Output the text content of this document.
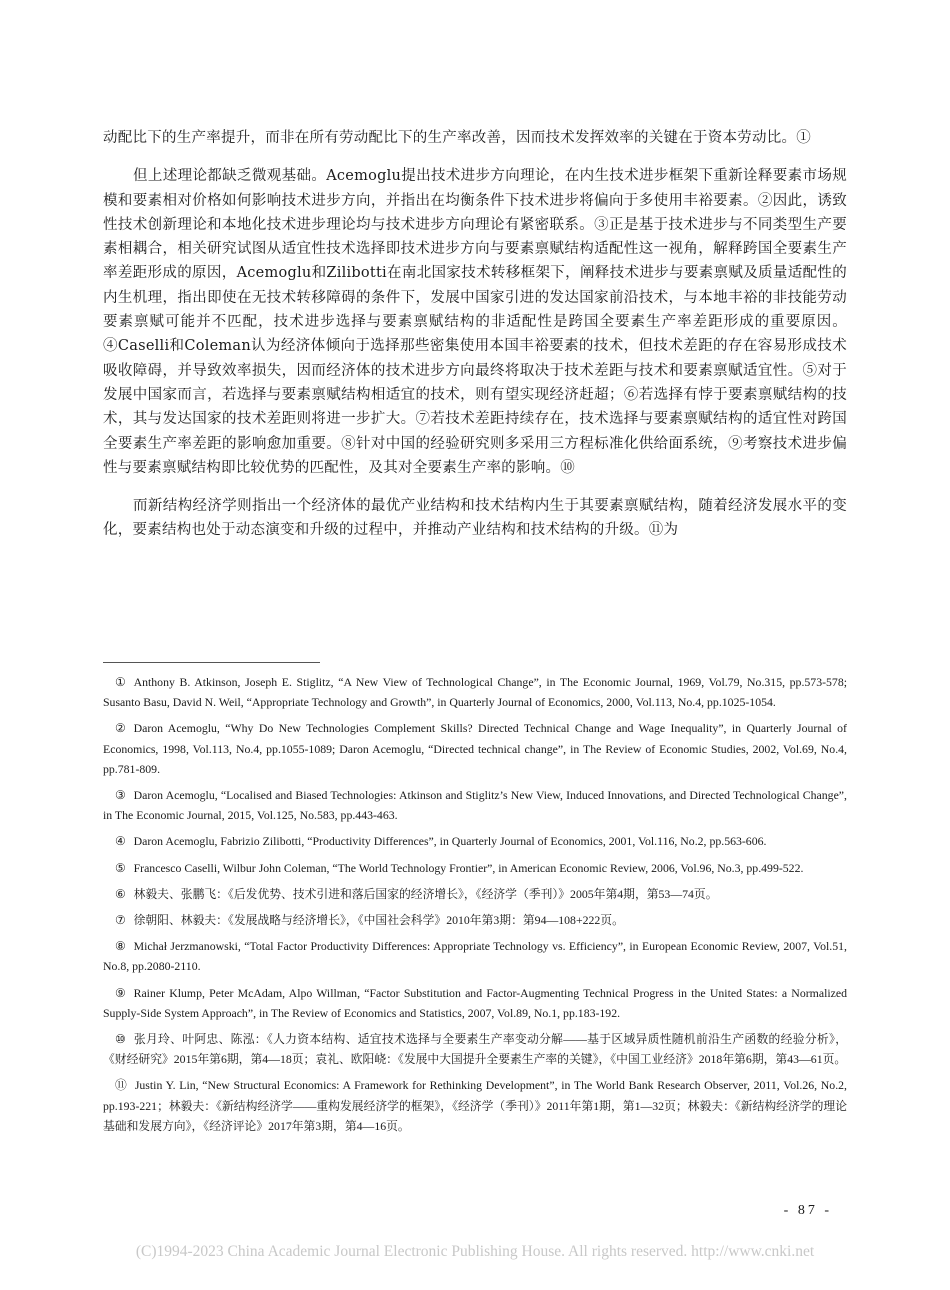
动配比下的生产率提升，而非在所有劳动配比下的生产率改善，因而技术发挥效率的关键在于资本劳动比。①

但上述理论都缺乏微观基础。Acemoglu提出技术进步方向理论，在内生技术进步框架下重新诠释要素市场规模和要素相对价格如何影响技术进步方向，并指出在均衡条件下技术进步将偏向于多使用丰裕要素。②因此，诱致性技术创新理论和本地化技术进步理论均与技术进步方向理论有紧密联系。③正是基于技术进步与不同类型生产要素相耦合，相关研究试图从适宜性技术选择即技术进步方向与要素禀赋结构适配性这一视角，解释跨国全要素生产率差距形成的原因，Acemoglu和Zilibotti在南北国家技术转移框架下，阐释技术进步与要素禀赋及质量适配性的内生机理，指出即使在无技术转移障碍的条件下，发展中国家引进的发达国家前沿技术，与本地丰裕的非技能劳动要素禀赋可能并不匹配，技术进步选择与要素禀赋结构的非适配性是跨国全要素生产率差距形成的重要原因。④Caselli和Coleman认为经济体倾向于选择那些密集使用本国丰裕要素的技术，但技术差距的存在容易形成技术吸收障碍，并导致效率损失，因而经济体的技术进步方向最终将取决于技术差距与技术和要素禀赋适宜性。⑤对于发展中国家而言，若选择与要素禀赋结构相适宜的技术，则有望实现经济赶超；⑥若选择有悖于要素禀赋结构的技术，其与发达国家的技术差距则将进一步扩大。⑦若技术差距持续存在，技术选择与要素禀赋结构的适宜性对跨国全要素生产率差距的影响愈加重要。⑧针对中国的经验研究则多采用三方程标准化供给面系统，⑨考察技术进步偏性与要素禀赋结构即比较优势的匹配性，及其对全要素生产率的影响。⑩

而新结构经济学则指出一个经济体的最优产业结构和技术结构内生于其要素禀赋结构，随着经济发展水平的变化，要素结构也处于动态演变和升级的过程中，并推动产业结构和技术结构的升级。⑪为

① Anthony B. Atkinson, Joseph E. Stiglitz, “A New View of Technological Change”, in The Economic Journal, 1969, Vol.79, No.315, pp.573-578; Susanto Basu, David N. Weil, “Appropriate Technology and Growth”, in Quarterly Journal of Economics, 2000, Vol.113, No.4, pp.1025-1054.

② Daron Acemoglu, “Why Do New Technologies Complement Skills? Directed Technical Change and Wage Inequality”, in Quarterly Journal of Economics, 1998, Vol.113, No.4, pp.1055-1089; Daron Acemoglu, “Directed technical change”, in The Review of Economic Studies, 2002, Vol.69, No.4, pp.781-809.

③ Daron Acemoglu, “Localised and Biased Technologies: Atkinson and Stiglitz’s New View, Induced Innovations, and Directed Technological Change”, in The Economic Journal, 2015, Vol.125, No.583, pp.443-463.

④ Daron Acemoglu, Fabrizio Zilibotti, “Productivity Differences”, in Quarterly Journal of Economics, 2001, Vol.116, No.2, pp.563-606.

⑤ Francesco Caselli, Wilbur John Coleman, “The World Technology Frontier”, in American Economic Review, 2006, Vol.96, No.3, pp.499-522.

⑥ 林毅夫、张鹏飞：《后发优势、技术引进和落后国家的经济增长》，《经济学（季刊）》2005年第4期，第53—74页。

⑦ 徐朝阳、林毅夫：《发展战略与经济增长》，《中国社会科学》2010年第3期：第94—108+222页。

⑧ Michał Jerzmanowski, “Total Factor Productivity Differences: Appropriate Technology vs. Efficiency”, in European Economic Review, 2007, Vol.51, No.8, pp.2080-2110.

⑨ Rainer Klump, Peter McAdam, Alpo Willman, “Factor Substitution and Factor-Augmenting Technical Progress in the United States: a Normalized Supply-Side System Approach”, in The Review of Economics and Statistics, 2007, Vol.89, No.1, pp.183-192.

⑩ 张月玲、叶阿忠、陈泓：《人力资本结构、适宜技术选择与全要素生产率变动分解——基于区域异质性随机前沿生产函数的经验分析》，《财经研究》2015年第6期，第4—18页；袁礼、欧阳峣：《发展中大国提升全要素生产率的关键》，《中国工业经济》2018年第6期，第43—61页。

⑪ Justin Y. Lin, “New Structural Economics: A Framework for Rethinking Development”, in The World Bank Research Observer, 2011, Vol.26, No.2, pp.193-221；林毅夫：《新结构经济学——重构发展经济学的框架》，《经济学（季刊）》2011年第1期，第1—32页；林毅夫：《新结构经济学的理论基础和发展方向》，《经济评论》2017年第3期，第4—16页。

- 87 -
(C)1994-2023 China Academic Journal Electronic Publishing House. All rights reserved. http://www.cnki.net
